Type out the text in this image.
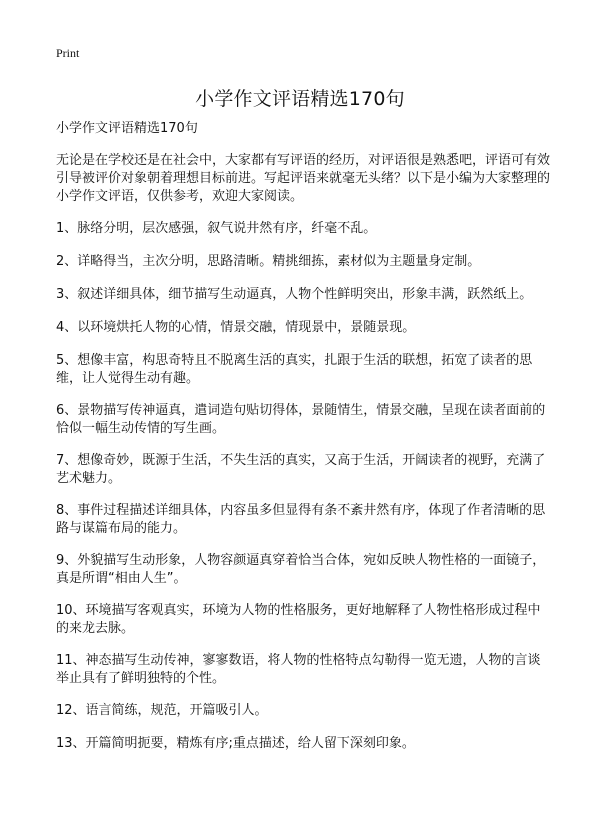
Print
小学作文评语精选170句

小学作文评语精选170句

无论是在学校还是在社会中，大家都有写评语的经历，对评语很是熟悉吧，评语可有效引导被评价对象朝着理想目标前进。写起评语来就毫无头绪？以下是小编为大家整理的小学作文评语，仅供参考，欢迎大家阅读。

1、脉络分明，层次感强，叙气说井然有序，纤毫不乱。

2、详略得当，主次分明，思路清晰。精挑细拣，素材似为主题量身定制。

3、叙述详细具体，细节描写生动逼真，人物个性鲜明突出，形象丰满，跃然纸上。

4、以环境烘托人物的心情，情景交融，情现景中，景随景现。

5、想像丰富，构思奇特且不脱离生活的真实，扎跟于生活的联想，拓宽了读者的思维，让人觉得生动有趣。

6、景物描写传神逼真，遣词造句贴切得体，景随情生，情景交融，呈现在读者面前的恰似一幅生动传情的写生画。

7、想像奇妙，既源于生活，不失生活的真实，又高于生活，开阔读者的视野，充满了艺术魅力。

8、事件过程描述详细具体，内容虽多但显得有条不紊井然有序，体现了作者清晰的思路与谋篇布局的能力。

9、外貌描写生动形象，人物容颜逼真穿着恰当合体，宛如反映人物性格的一面镜子，真是所谓“相由人生”。

10、环境描写客观真实，环境为人物的性格服务，更好地解释了人物性格形成过程中的来龙去脉。

11、神态描写生动传神，寥寥数语，将人物的性格特点勾勒得一览无遗，人物的言谈举止具有了鲜明独特的个性。

12、语言简练，规范，开篇吸引人。

13、开篇简明扼要，精炼有序;重点描述，给人留下深刻印象。
